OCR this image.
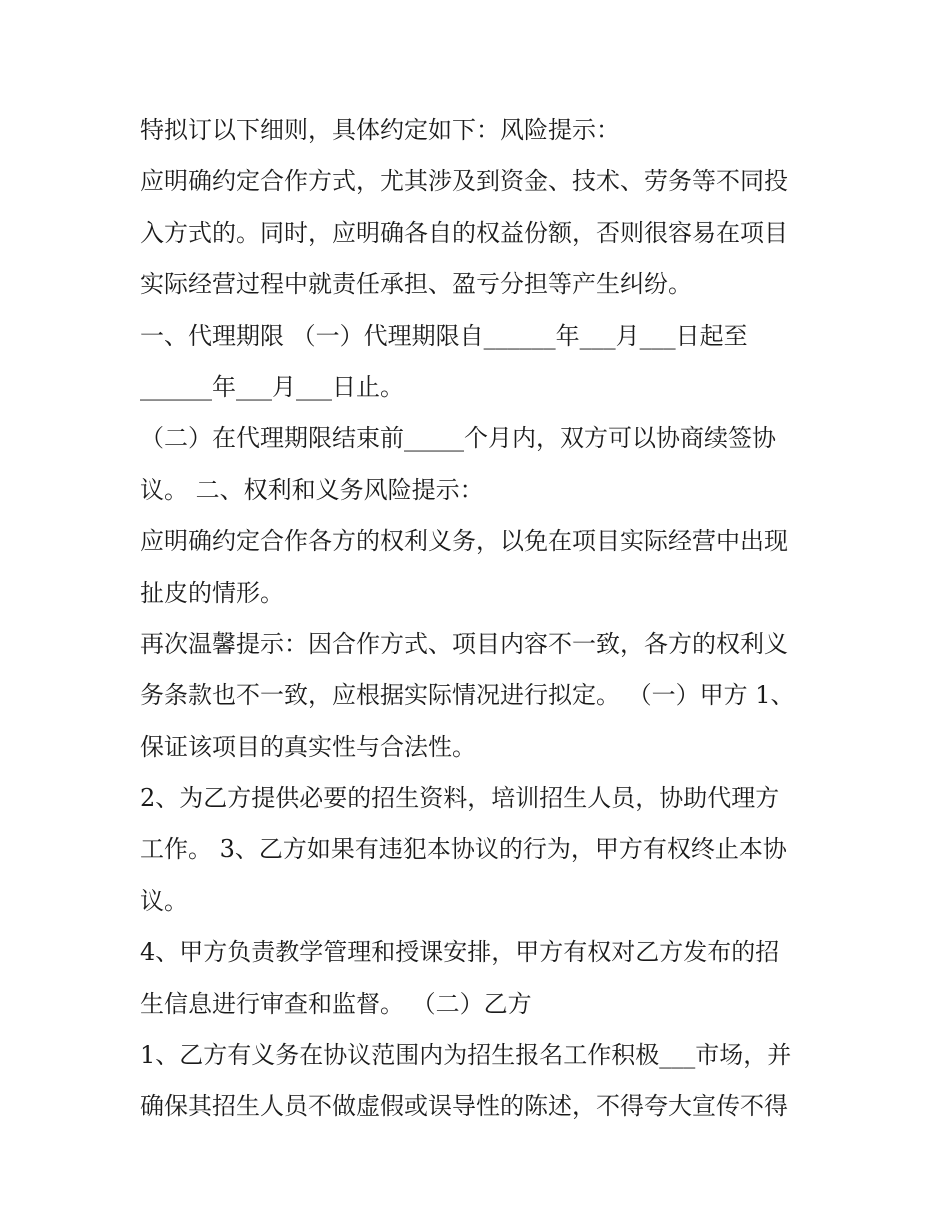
特拟订以下细则，具体约定如下：风险提示：
应明确约定合作方式，尤其涉及到资金、技术、劳务等不同投
入方式的。同时，应明确各自的权益份额，否则很容易在项目
实际经营过程中就责任承担、盈亏分担等产生纠纷。
一、代理期限 （一）代理期限自______年___月___日起至
______年___月___日止。
（二）在代理期限结束前_____个月内，双方可以协商续签协
议。 二、权利和义务风险提示：
应明确约定合作各方的权利义务，以免在项目实际经营中出现
扯皮的情形。
再次温馨提示：因合作方式、项目内容不一致，各方的权利义
务条款也不一致，应根据实际情况进行拟定。 （一）甲方 1、
保证该项目的真实性与合法性。
2、为乙方提供必要的招生资料，培训招生人员，协助代理方
工作。 3、乙方如果有违犯本协议的行为，甲方有权终止本协
议。
4、甲方负责教学管理和授课安排，甲方有权对乙方发布的招
生信息进行审查和监督。 （二）乙方
1、乙方有义务在协议范围内为招生报名工作积极___市场，并
确保其招生人员不做虚假或误导性的陈述，不得夸大宣传不得
